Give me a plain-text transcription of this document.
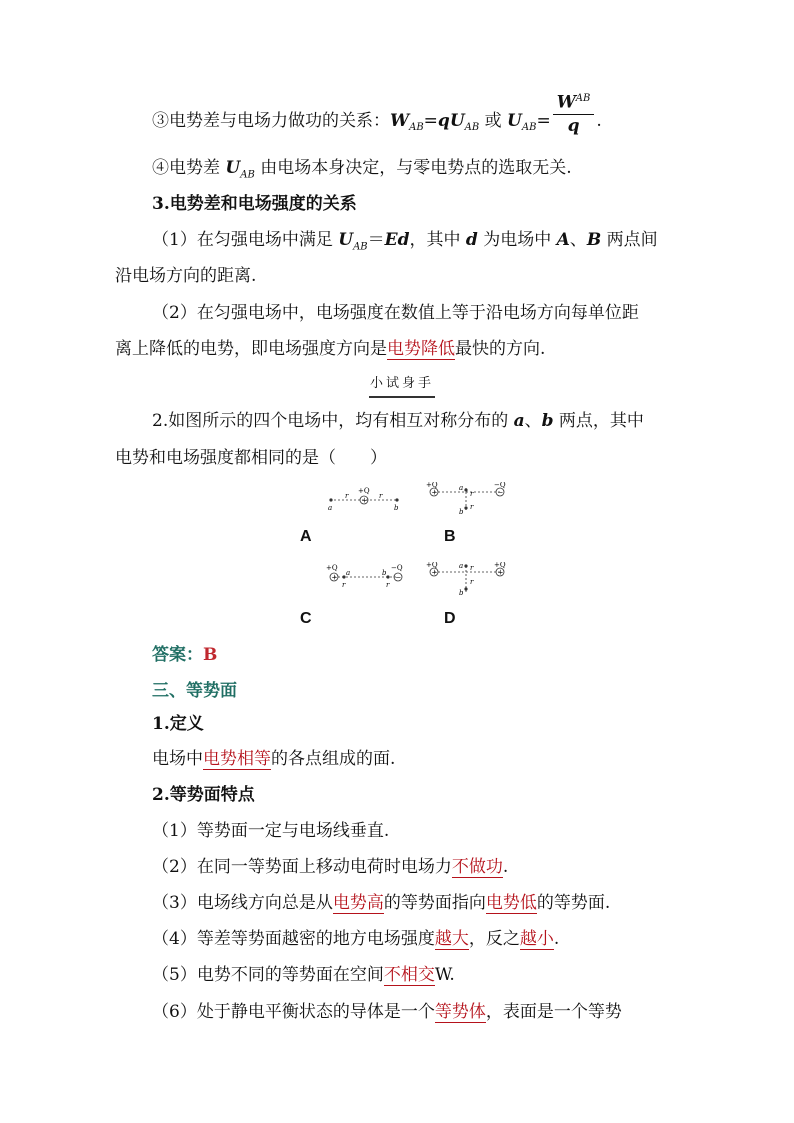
③电势差与电场力做功的关系：$W_{AB}=qU_{AB}$ 或 $U_{AB}= \frac{W^{AB}}{q}$ .
④电势差 $U_{AB}$ 由电场本身决定，与零电势点的选取无关.
3.电势差和电场强度的关系
（1）在匀强电场中满足 $U_{AB}=Ed$，其中 d 为电场中 A、B 两点间
沿电场方向的距离.
（2）在匀强电场中，电场强度在数值上等于沿电场方向每单位距
离上降低的电势，即电场强度方向是电势降低最快的方向.
小试身手
2.如图所示的四个电场中，均有相互对称分布的 a、b 两点，其中
电势和电场强度都相同的是（　　）
+
+Q
r	r
a	b
+	−
+Q	−Q
a
b
r
r
A	B
+	−
+Q	−Q
a	b
r	r
+	+
+Q	+Q
a
b
r
r
C	D
答案：B
三、等势面
1.定义
电场中电势相等的各点组成的面.
2.等势面特点
（1）等势面一定与电场线垂直.
（2）在同一等势面上移动电荷时电场力不做功.
（3）电场线方向总是从电势高的等势面指向电势低的等势面.
（4）等差等势面越密的地方电场强度越大，反之越小.
（5）电势不同的等势面在空间不相交W.
（6）处于静电平衡状态的导体是一个等势体，表面是一个等势
